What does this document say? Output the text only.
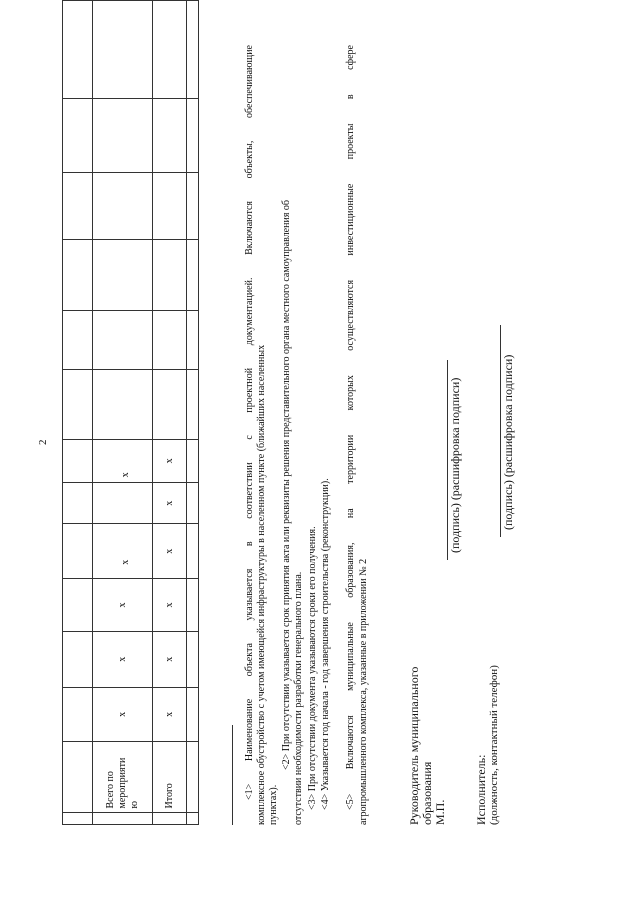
2

	Всего по мероприяти ю	х	х	х	х		х						
	Итого	х	х	х	х	х	х						
														<1> Наименование объекта указывается в соответствии с проектной документацией. Включаются объекты, обеспечивающие комплексное обустройство с учетом имеющейся инфраструктуры в населенном пункте (ближайших населенных пунктах).
<2> При отсутствии указывается срок принятия акта или реквизиты решения представительного органа местного самоуправления об отсутствии необходимости разработки генерального плана. <3> При отсутствии документа указываются сроки его получения. <4> Указывается год начала - год завершения строительства (реконструкции). <5> Включаются муниципальные образования, на территории которых осуществляются инвестиционные проекты в сфере агропромышленного комплекса, указанные в приложении № 2	Руководитель муниципального образования М.П.
(подпись) (расшифровка подписи)
Исполнитель: (должность, контактный телефон)
(подпись) (расшифровка подписи)
